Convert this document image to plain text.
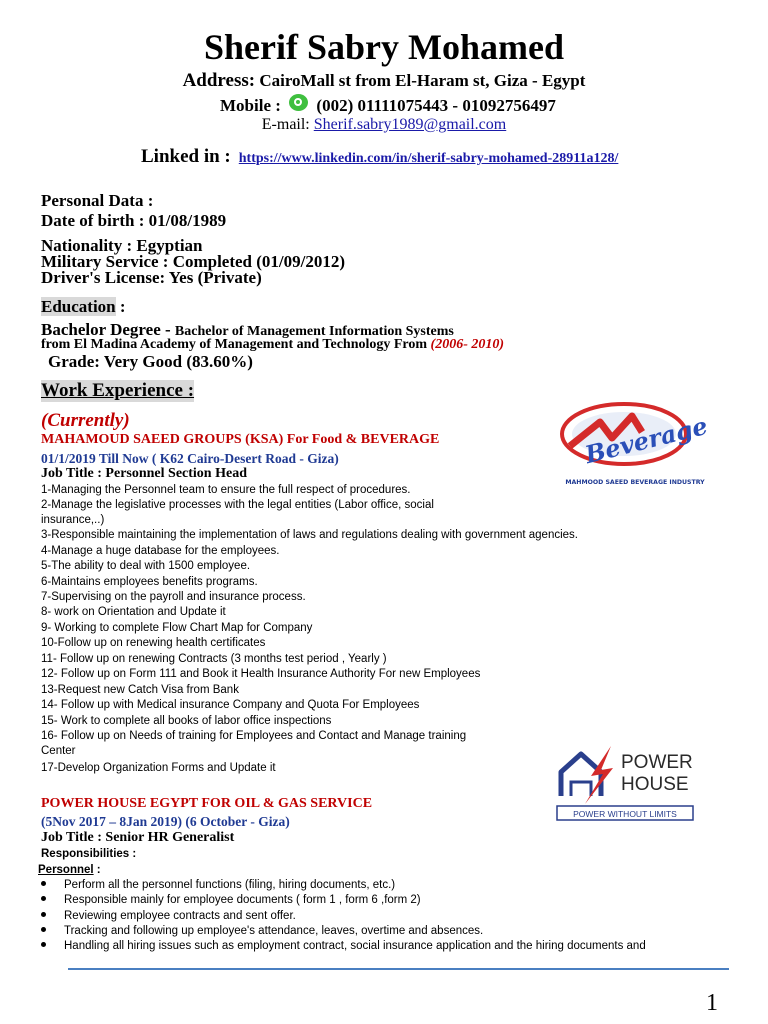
Sherif Sabry Mohamed
Address: CairoMall st from El-Haram st, Giza - Egypt
Mobile : (002) 01111075443 - 01092756497
E-mail: Sherif.sabry1989@gmail.com
Linked in : https://www.linkedin.com/in/sherif-sabry-mohamed-28911a128/
Personal Data :
Date of birth : 01/08/1989
Nationality : Egyptian
Military Service : Completed (01/09/2012)
Driver's License: Yes (Private)
Education :
Bachelor Degree - Bachelor of Management Information Systems
from El Madina Academy of Management and Technology From (2006- 2010)
Grade: Very Good (83.60%)
Work Experience :
(Currently)
MAHAMOUD SAEED GROUPS (KSA) For Food & BEVERAGE
01/1/2019 Till Now ( K62 Cairo-Desert Road - Giza)
Job Title : Personnel Section Head
Beverage
MAHMOOD SAEED BEVERAGE INDUSTRY
1-Managing the Personnel team to ensure the full respect of procedures.
2-Manage the legislative processes with the legal entities (Labor office, social
insurance,..)
3-Responsible maintaining the implementation of laws and regulations dealing with government agencies.
4-Manage a huge database for the employees.
5-The ability to deal with 1500 employee.
6-Maintains employees benefits programs.
7-Supervising on the payroll and insurance process.
8- work on Orientation and Update it
9- Working to complete Flow Chart Map for Company
10-Follow up on renewing health certificates
11- Follow up on renewing Contracts (3 months test period , Yearly )
12- Follow up on Form 111 and Book it Health Insurance Authority For new Employees
13-Request new Catch Visa from Bank
14- Follow up with Medical insurance Company and Quota For Employees
15- Work to complete all books of labor office inspections
16- Follow up on Needs of training for Employees and Contact and Manage training
Center
17-Develop Organization Forms and Update it	POWER
HOUSE
POWER WITHOUT LIMITS
POWER HOUSE EGYPT FOR OIL & GAS SERVICE
(5Nov 2017 – 8Jan 2019) (6 October - Giza)
Job Title : Senior HR Generalist
Responsibilities :
Personnel :
Perform all the personnel functions (filing, hiring documents, etc.)
Responsible mainly for employee documents ( form 1 , form 6 ,form 2)
Reviewing employee contracts and sent offer.
Tracking and following up employee's attendance, leaves, overtime and absences.
Handling all hiring issues such as employment contract, social insurance application and the hiring documents and
1
